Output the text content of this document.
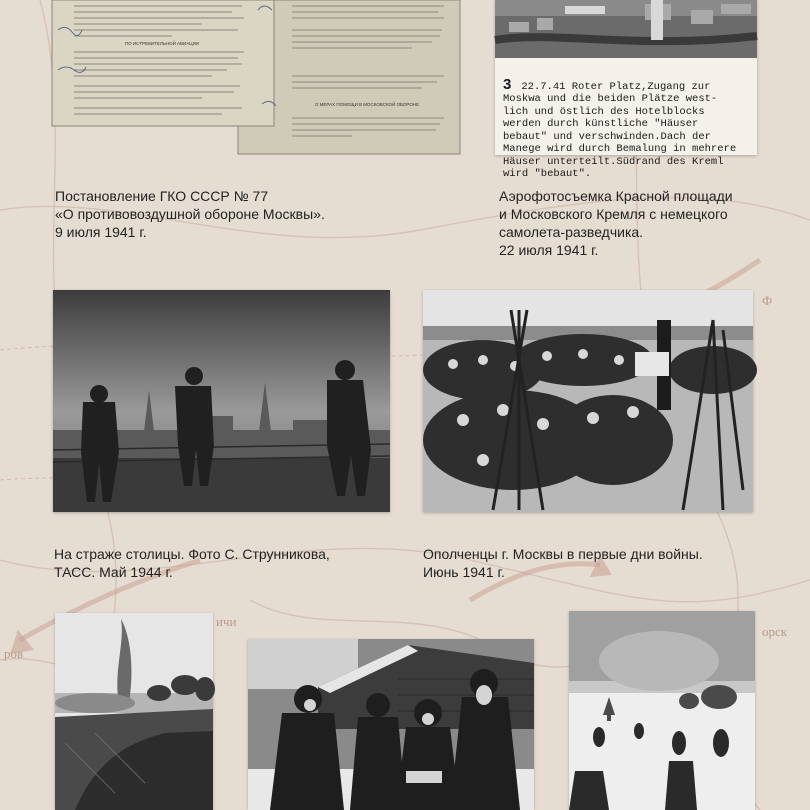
Ф
ров
ичи
орск
ПО ИСТРЕБИТЕЛЬНОЙ АВИАЦИИ
О МЕРАХ ПОМОЩИ В МОСКОВСКОЙ ОБОРОНЕ

3 22.7.41 Roter Platz,Zugang zur
Moskwa und die beiden Plätze west-
lich und östlich des Hotelblocks
werden durch künstliche "Häuser
bebaut" und verschwinden.Dach der
Manege wird durch Bemalung in mehrere
Häuser unterteilt.Südrand des Kreml
wird "bebaut".

Постановление ГКО СССР № 77
«О противовоздушной обороне Москвы».
9 июля 1941 г.

Аэрофотосъемка Красной площади
и Московского Кремля с немецкого
самолета-разведчика.
22 июля 1941 г.

На страже столицы. Фото С. Струнникова,
ТАСС. Май 1944 г.

Ополченцы г. Москвы в первые дни войны.
Июнь 1941 г.
